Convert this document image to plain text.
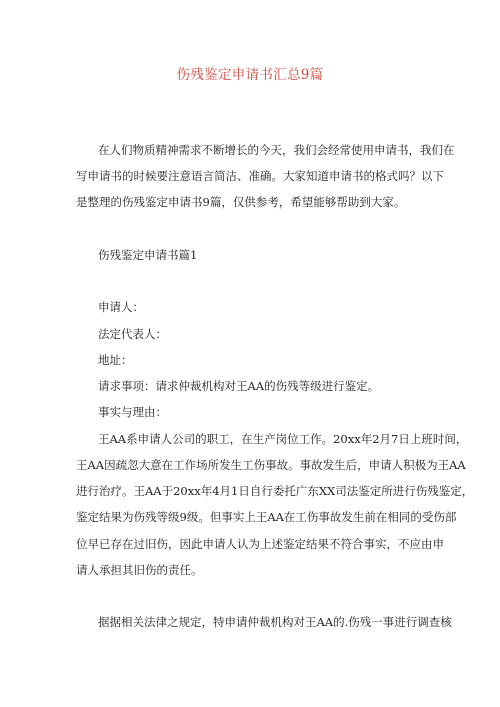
伤残鉴定申请书汇总9篇
在人们物质精神需求不断增长的今天，我们会经常使用申请书，我们在
写申请书的时候要注意语言简洁、准确。大家知道申请书的格式吗？以下
是整理的伤残鉴定申请书9篇，仅供参考，希望能够帮助到大家。
伤残鉴定申请书篇1
申请人：
法定代表人：
地址：
请求事项：请求仲裁机构对王AA的伤残等级进行鉴定。
事实与理由：
王AA系申请人公司的职工，在生产岗位工作。20xx年2月7日上班时间，
王AA因疏忽大意在工作场所发生工伤事故。事故发生后，申请人积极为王AA
进行治疗。王AA于20xx年4月1日自行委托广东XX司法鉴定所进行伤残鉴定，
鉴定结果为伤残等级9级。但事实上王AA在工伤事故发生前在相同的受伤部
位早已存在过旧伤，因此申请人认为上述鉴定结果不符合事实，不应由申
请人承担其旧伤的责任。
据据相关法律之规定，特申请仲裁机构对王AA的.伤残一事进行调查核
